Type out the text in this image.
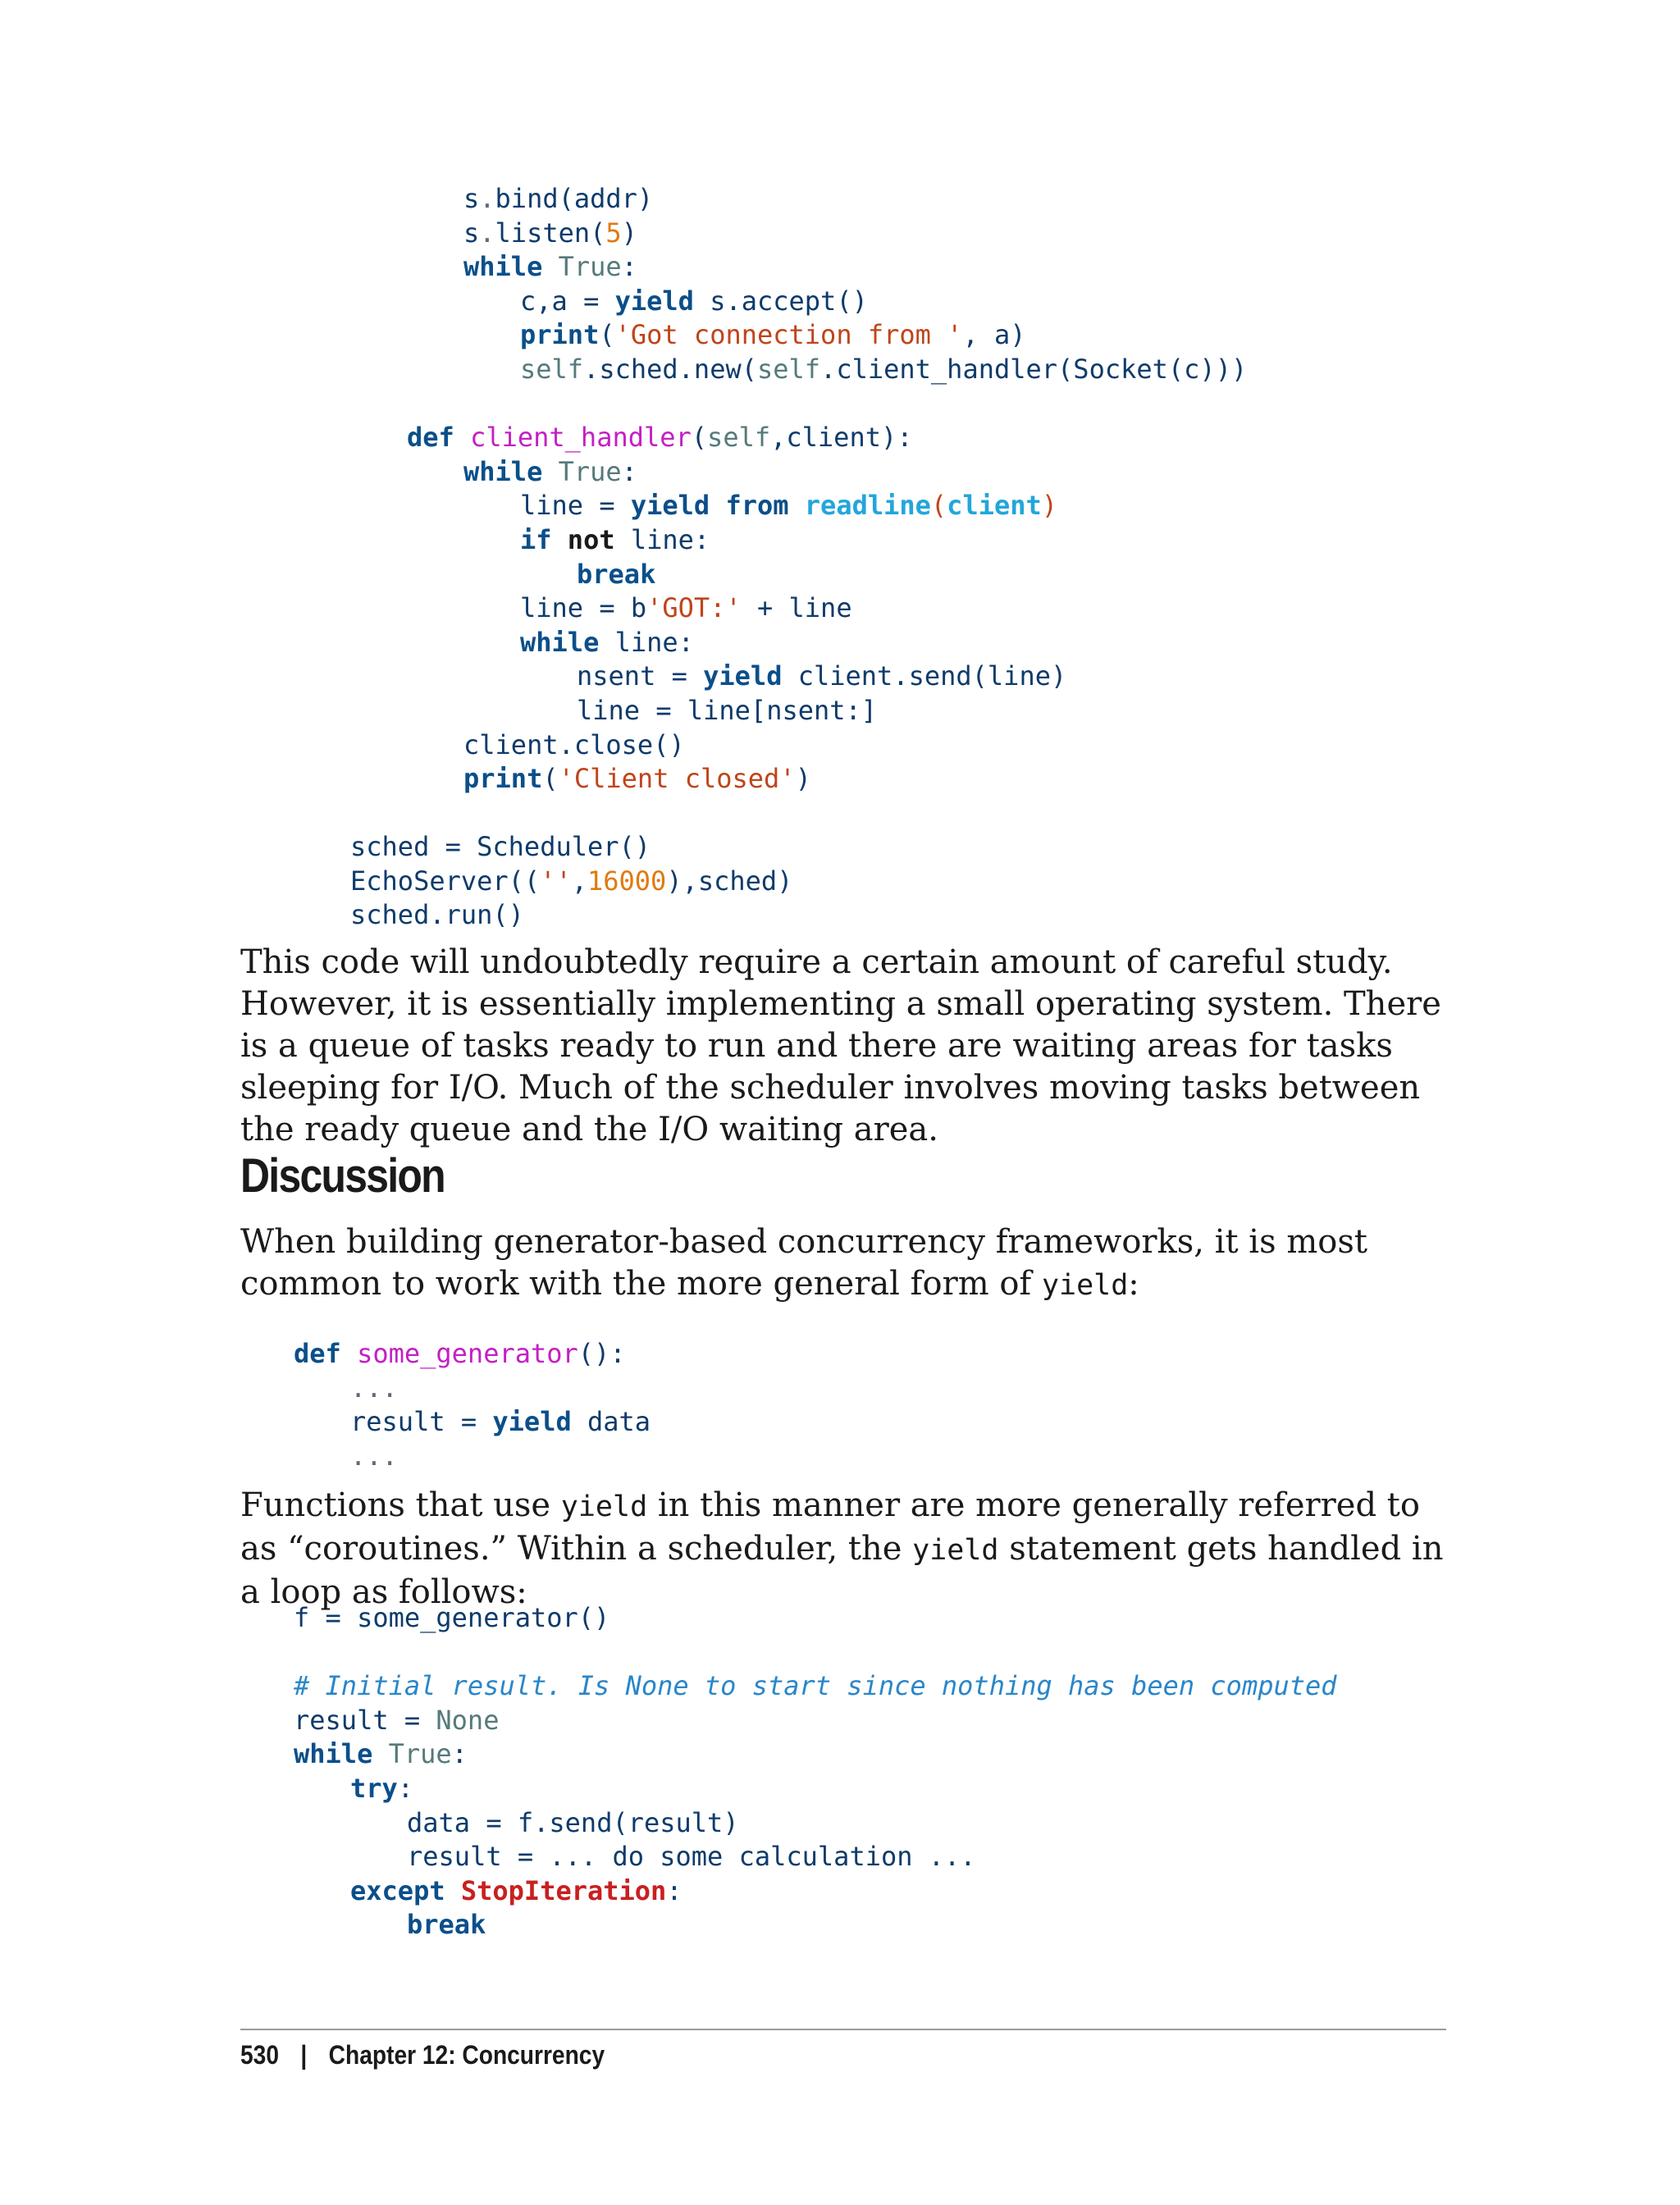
s.bind(addr)
s.listen(5)
while True:
c,a = yield s.accept()
print('Got connection from ', a)
self.sched.new(self.client_handler(Socket(c)))
def client_handler(self,client):
while True:
line = yield from readline(client)
if not line:
break
line = b'GOT:' + line
while line:
nsent = yield client.send(line)
line = line[nsent:]
client.close()
print('Client closed')
sched = Scheduler()
EchoServer(('',16000),sched)
sched.run()

This code will undoubtedly require a certain amount of careful study. However, it is essentially implementing a small operating system. There is a queue of tasks ready to run and there are waiting areas for tasks sleeping for I/O. Much of the scheduler involves moving tasks between the ready queue and the I/O waiting area.

Discussion

When building generator-based concurrency frameworks, it is most common to work with the more general form of yield:

def some_generator():
...
result = yield data
...

Functions that use yield in this manner are more generally referred to as “coroutines.” Within a scheduler, the yield statement gets handled in a loop as follows:

f = some_generator()
# Initial result. Is None to start since nothing has been computed
result = None
while True:
try:
data = f.send(result)
result = ... do some calculation ...
except StopIteration:
break
530 | Chapter 12: Concurrency
